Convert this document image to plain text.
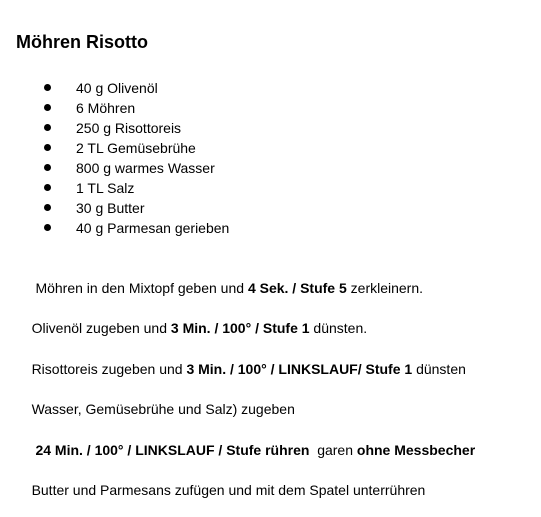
Möhren Risotto
40 g Olivenöl
6 Möhren
250 g Risottoreis
2 TL Gemüsebrühe
800 g warmes Wasser
1 TL Salz
30 g Butter
40 g Parmesan gerieben

Möhren in den Mixtopf geben und 4 Sek. / Stufe 5 zerkleinern.

Olivenöl zugeben und 3 Min. / 100° / Stufe 1 dünsten.

Risottoreis zugeben und 3 Min. / 100° / LINKSLAUF/ Stufe 1 dünsten

Wasser, Gemüsebrühe und Salz) zugeben

24 Min. / 100° / LINKSLAUF / Stufe rühren  garen ohne Messbecher

Butter und Parmesans zufügen und mit dem Spatel unterrühren
